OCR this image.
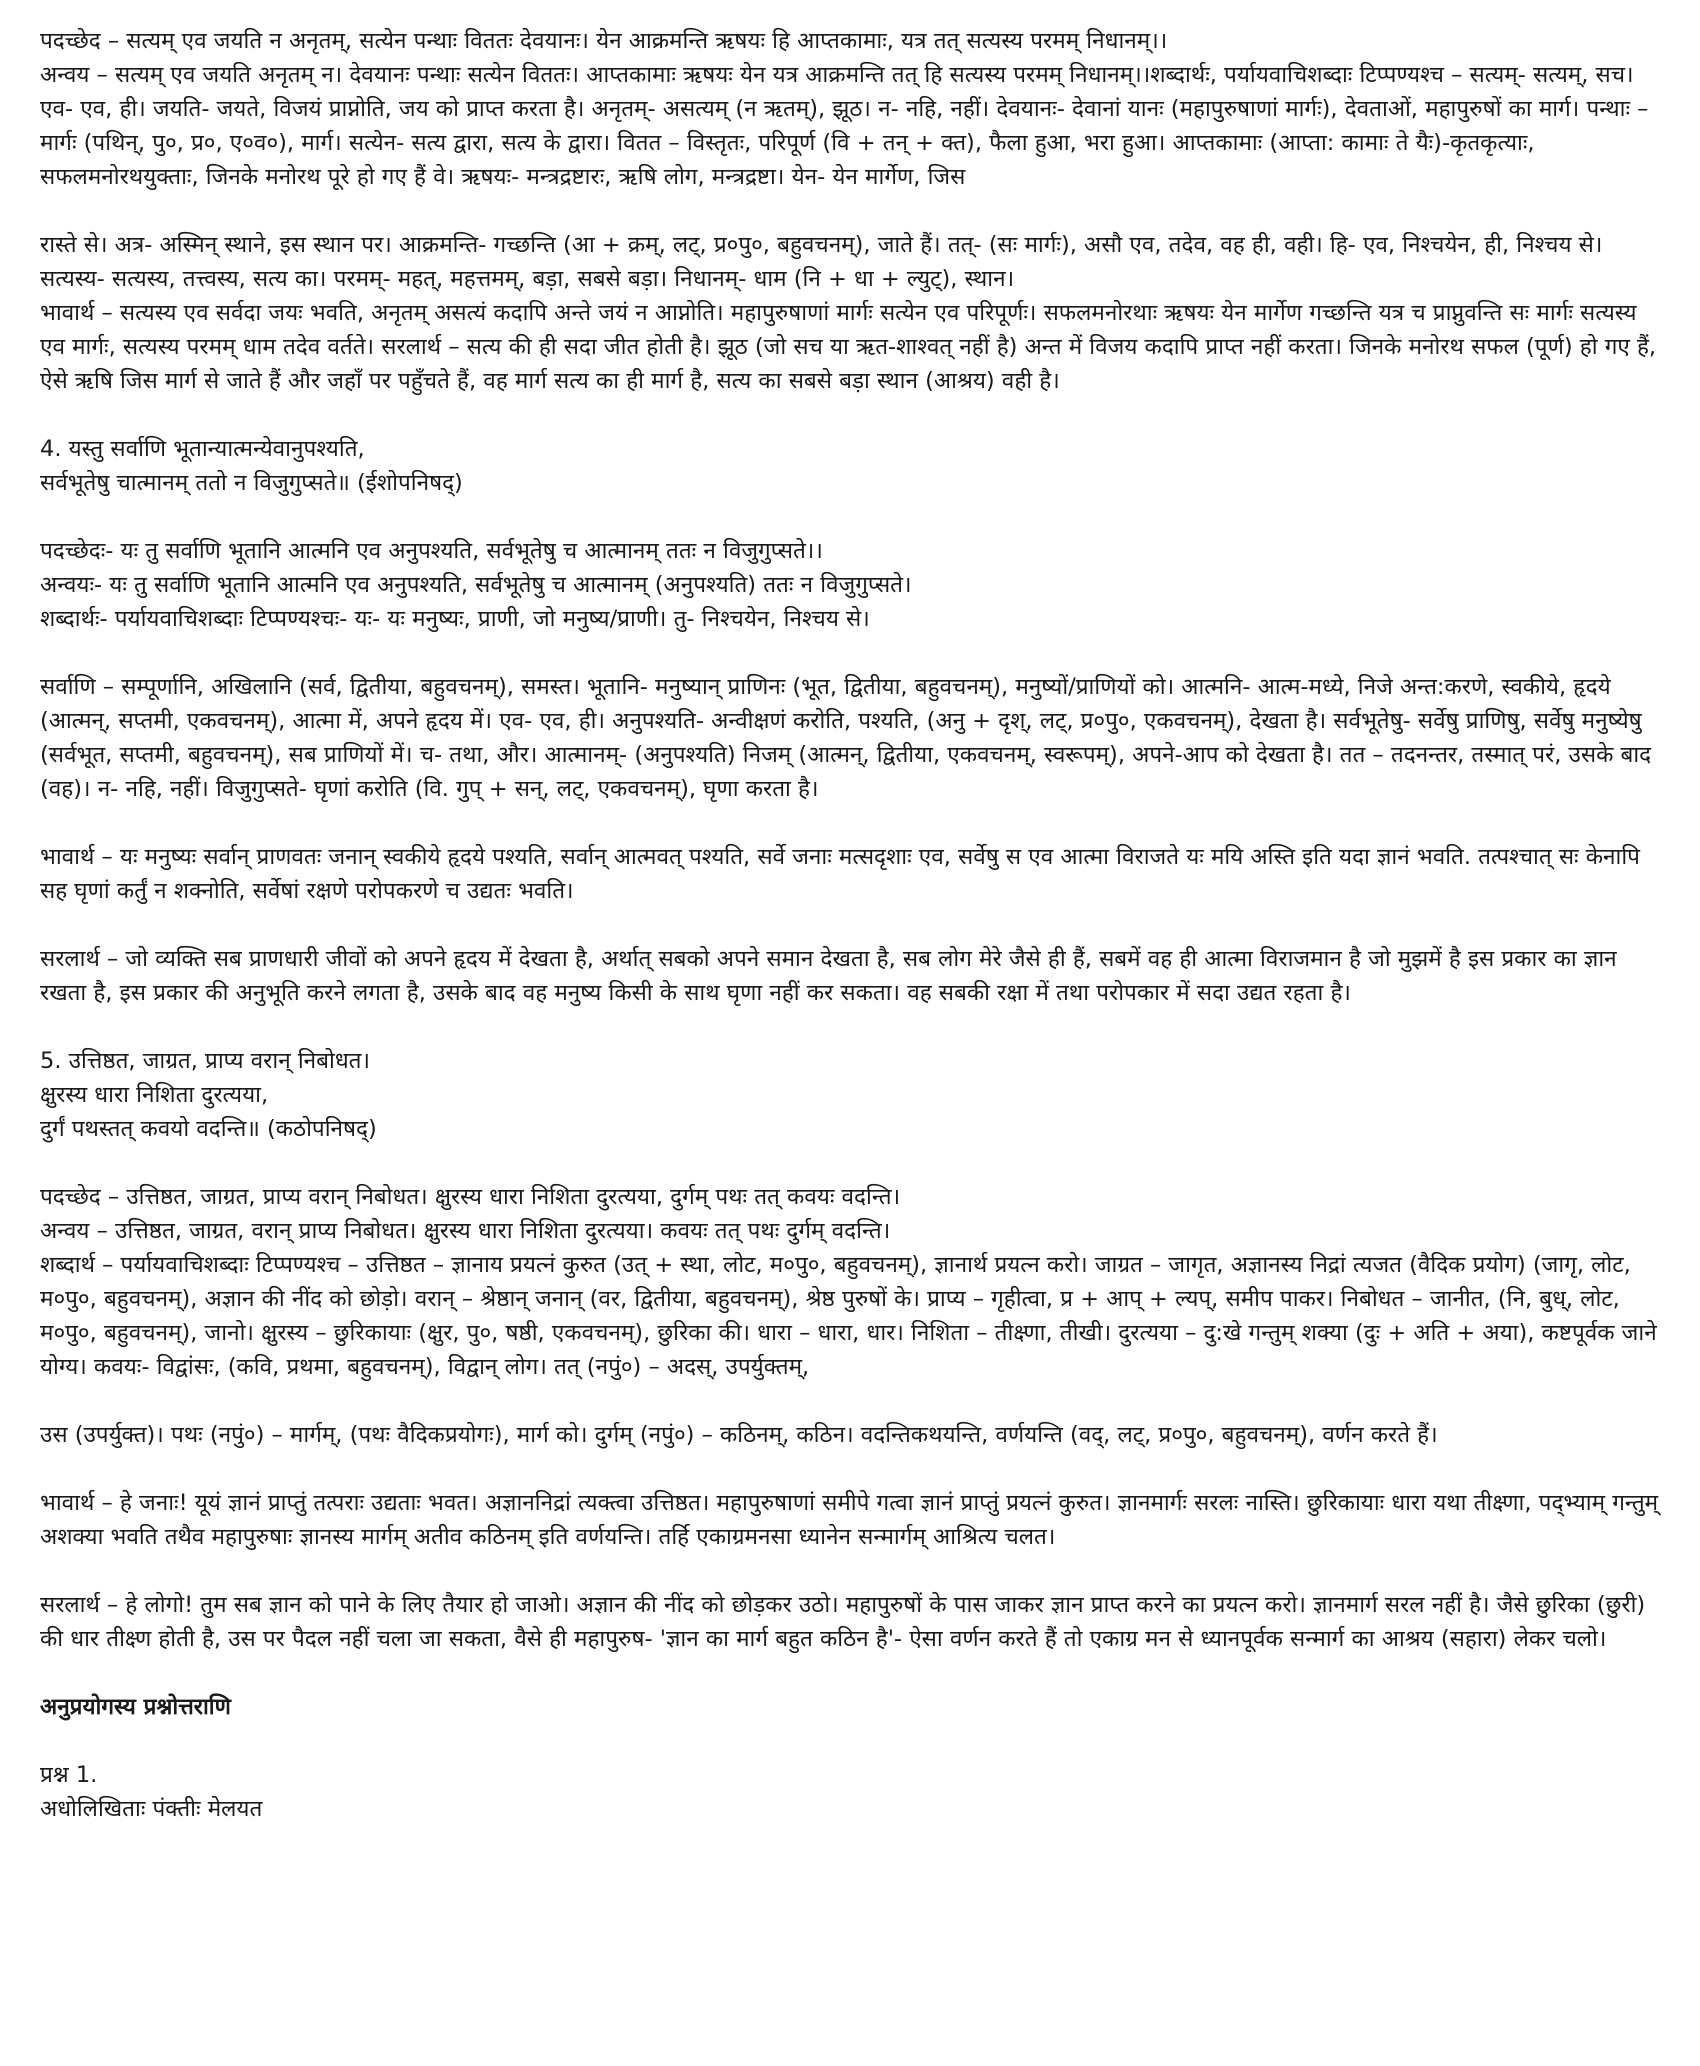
पदच्छेद – सत्यम् एव जयति न अनृतम्, सत्येन पन्थाः विततः देवयानः। येन आक्रमन्ति ऋषयः हि आप्तकामाः, यत्र तत् सत्यस्य परमम् निधानम्।।
अन्वय – सत्यम् एव जयति अनृतम् न। देवयानः पन्थाः सत्येन विततः। आप्तकामाः ऋषयः येन यत्र आक्रमन्ति तत् हि सत्यस्य परमम् निधानम्।।शब्दार्थः, पर्यायवाचिशब्दाः टिप्पण्यश्च – सत्यम्- सत्यम्, सच। एव- एव, ही। जयति- जयते, विजयं प्राप्नोति, जय को प्राप्त करता है। अनृतम्- असत्यम् (न ऋतम्), झूठ। न- नहि, नहीं। देवयानः- देवानां यानः (महापुरुषाणां मार्गः), देवताओं, महापुरुषों का मार्ग। पन्थाः – मार्गः (पथिन्, पु०, प्र०, ए०व०), मार्ग। सत्येन- सत्य द्वारा, सत्य के द्वारा। वितत – विस्तृतः, परिपूर्ण (वि + तन् + क्त), फैला हुआ, भरा हुआ। आप्तकामाः (आप्ता: कामाः ते यैः)-कृतकृत्याः, सफलमनोरथयुक्ताः, जिनके मनोरथ पूरे हो गए हैं वे। ऋषयः- मन्त्रद्रष्टारः, ऋषि लोग, मन्त्रद्रष्टा। येन- येन मार्गेण, जिस
रास्ते से। अत्र- अस्मिन् स्थाने, इस स्थान पर। आक्रमन्ति- गच्छन्ति (आ + क्रम्, लट्, प्र०पु०, बहुवचनम्), जाते हैं। तत्- (सः मार्गः), असौ एव, तदेव, वह ही, वही। हि- एव, निश्चयेन, ही, निश्चय से। सत्यस्य- सत्यस्य, तत्त्वस्य, सत्य का। परमम्- महत्, महत्तमम्, बड़ा, सबसे बड़ा। निधानम्- धाम (नि + धा + ल्युट्), स्थान।
भावार्थ – सत्यस्य एव सर्वदा जयः भवति, अनृतम् असत्यं कदापि अन्ते जयं न आप्नोति। महापुरुषाणां मार्गः सत्येन एव परिपूर्णः। सफलमनोरथाः ऋषयः येन मार्गेण गच्छन्ति यत्र च प्राप्नुवन्ति सः मार्गः सत्यस्य एव मार्गः, सत्यस्य परमम् धाम तदेव वर्तते। सरलार्थ – सत्य की ही सदा जीत होती है। झूठ (जो सच या ऋत-शाश्वत् नहीं है) अन्त में विजय कदापि प्राप्त नहीं करता। जिनके मनोरथ सफल (पूर्ण) हो गए हैं, ऐसे ऋषि जिस मार्ग से जाते हैं और जहाँ पर पहुँचते हैं, वह मार्ग सत्य का ही मार्ग है, सत्य का सबसे बड़ा स्थान (आश्रय) वही है।
4. यस्तु सर्वाणि भूतान्यात्मन्येवानुपश्यति,
सर्वभूतेषु चात्मानम् ततो न विजुगुप्सते॥ (ईशोपनिषद्)
पदच्छेदः- यः तु सर्वाणि भूतानि आत्मनि एव अनुपश्यति, सर्वभूतेषु च आत्मानम् ततः न विजुगुप्सते।।
अन्वयः- यः तु सर्वाणि भूतानि आत्मनि एव अनुपश्यति, सर्वभूतेषु च आत्मानम् (अनुपश्यति) ततः न विजुगुप्सते।
शब्दार्थः- पर्यायवाचिशब्दाः टिप्पण्यश्चः- यः- यः मनुष्यः, प्राणी, जो मनुष्य/प्राणी। तु- निश्चयेन, निश्चय से।
सर्वाणि – सम्पूर्णानि, अखिलानि (सर्व, द्वितीया, बहुवचनम्), समस्त। भूतानि- मनुष्यान् प्राणिनः (भूत, द्वितीया, बहुवचनम्), मनुष्यों/प्राणियों को। आत्मनि- आत्म-मध्ये, निजे अन्त:करणे, स्वकीये, हृदये (आत्मन्, सप्तमी, एकवचनम्), आत्मा में, अपने हृदय में। एव- एव, ही। अनुपश्यति- अन्वीक्षणं करोति, पश्यति, (अनु + दृश्, लट्, प्र०पु०, एकवचनम्), देखता है। सर्वभूतेषु- सर्वेषु प्राणिषु, सर्वेषु मनुष्येषु (सर्वभूत, सप्तमी, बहुवचनम्), सब प्राणियों में। च- तथा, और। आत्मानम्- (अनुपश्यति) निजम् (आत्मन्, द्वितीया, एकवचनम्, स्वरूपम्), अपने-आप को देखता है। तत – तदनन्तर, तस्मात् परं, उसके बाद (वह)। न- नहि, नहीं। विजुगुप्सते- घृणां करोति (वि. गुप् + सन्, लट्, एकवचनम्), घृणा करता है।
भावार्थ – यः मनुष्यः सर्वान् प्राणवतः जनान् स्वकीये हृदये पश्यति, सर्वान् आत्मवत् पश्यति, सर्वे जनाः मत्सदृशाः एव, सर्वेषु स एव आत्मा विराजते यः मयि अस्ति इति यदा ज्ञानं भवति. तत्पश्चात् सः केनापि सह घृणां कर्तुं न शक्नोति, सर्वेषां रक्षणे परोपकरणे च उद्यतः भवति।
सरलार्थ – जो व्यक्ति सब प्राणधारी जीवों को अपने हृदय में देखता है, अर्थात् सबको अपने समान देखता है, सब लोग मेरे जैसे ही हैं, सबमें वह ही आत्मा विराजमान है जो मुझमें है इस प्रकार का ज्ञान रखता है, इस प्रकार की अनुभूति करने लगता है, उसके बाद वह मनुष्य किसी के साथ घृणा नहीं कर सकता। वह सबकी रक्षा में तथा परोपकार में सदा उद्यत रहता है।
5. उत्तिष्ठत, जाग्रत, प्राप्य वरान् निबोधत।
क्षुरस्य धारा निशिता दुरत्यया,
दुर्गं पथस्तत् कवयो वदन्ति॥ (कठोपनिषद्)
पदच्छेद – उत्तिष्ठत, जाग्रत, प्राप्य वरान् निबोधत। क्षुरस्य धारा निशिता दुरत्यया, दुर्गम् पथः तत् कवयः वदन्ति।
अन्वय – उत्तिष्ठत, जाग्रत, वरान् प्राप्य निबोधत। क्षुरस्य धारा निशिता दुरत्यया। कवयः तत् पथः दुर्गम् वदन्ति।
शब्दार्थ – पर्यायवाचिशब्दाः टिप्पण्यश्च – उत्तिष्ठत – ज्ञानाय प्रयत्नं कुरुत (उत् + स्था, लोट, म०पु०, बहुवचनम्), ज्ञानार्थ प्रयत्न करो। जाग्रत – जागृत, अज्ञानस्य निद्रां त्यजत (वैदिक प्रयोग) (जागृ, लोट, म०पु०, बहुवचनम्), अज्ञान की नींद को छोड़ो। वरान् – श्रेष्ठान् जनान् (वर, द्वितीया, बहुवचनम्), श्रेष्ठ पुरुषों के। प्राप्य – गृहीत्वा, प्र + आप् + ल्यप्, समीप पाकर। निबोधत – जानीत, (नि, बुध्, लोट, म०पु०, बहुवचनम्), जानो। क्षुरस्य – छुरिकायाः (क्षुर, पु०, षष्ठी, एकवचनम्), छुरिका की। धारा – धारा, धार। निशिता – तीक्ष्णा, तीखी। दुरत्यया – दु:खे गन्तुम् शक्या (दुः + अति + अया), कष्टपूर्वक जाने योग्य। कवयः- विद्वांसः, (कवि, प्रथमा, बहुवचनम्), विद्वान् लोग। तत् (नपुं०) – अदस्, उपर्युक्तम्,
उस (उपर्युक्त)। पथः (नपुं०) – मार्गम्, (पथः वैदिकप्रयोगः), मार्ग को। दुर्गम् (नपुं०) – कठिनम्, कठिन। वदन्तिकथयन्ति, वर्णयन्ति (वद्, लट्, प्र०पु०, बहुवचनम्), वर्णन करते हैं।
भावार्थ – हे जनाः! यूयं ज्ञानं प्राप्तुं तत्पराः उद्यताः भवत। अज्ञाननिद्रां त्यक्त्वा उत्तिष्ठत। महापुरुषाणां समीपे गत्वा ज्ञानं प्राप्तुं प्रयत्नं कुरुत। ज्ञानमार्गः सरलः नास्ति। छुरिकायाः धारा यथा तीक्ष्णा, पद्भ्याम् गन्तुम् अशक्या भवति तथैव महापुरुषाः ज्ञानस्य मार्गम् अतीव कठिनम् इति वर्णयन्ति। तर्हि एकाग्रमनसा ध्यानेन सन्मार्गम् आश्रित्य चलत।
सरलार्थ – हे लोगो! तुम सब ज्ञान को पाने के लिए तैयार हो जाओ। अज्ञान की नींद को छोड़कर उठो। महापुरुषों के पास जाकर ज्ञान प्राप्त करने का प्रयत्न करो। ज्ञानमार्ग सरल नहीं है। जैसे छुरिका (छुरी) की धार तीक्ष्ण होती है, उस पर पैदल नहीं चला जा सकता, वैसे ही महापुरुष- 'ज्ञान का मार्ग बहुत कठिन है'- ऐसा वर्णन करते हैं तो एकाग्र मन से ध्यानपूर्वक सन्मार्ग का आश्रय (सहारा) लेकर चलो।
अनुप्रयोगस्य प्रश्नोत्तराणि
प्रश्न 1.
अधोलिखिताः पंक्तीः मेलयत
